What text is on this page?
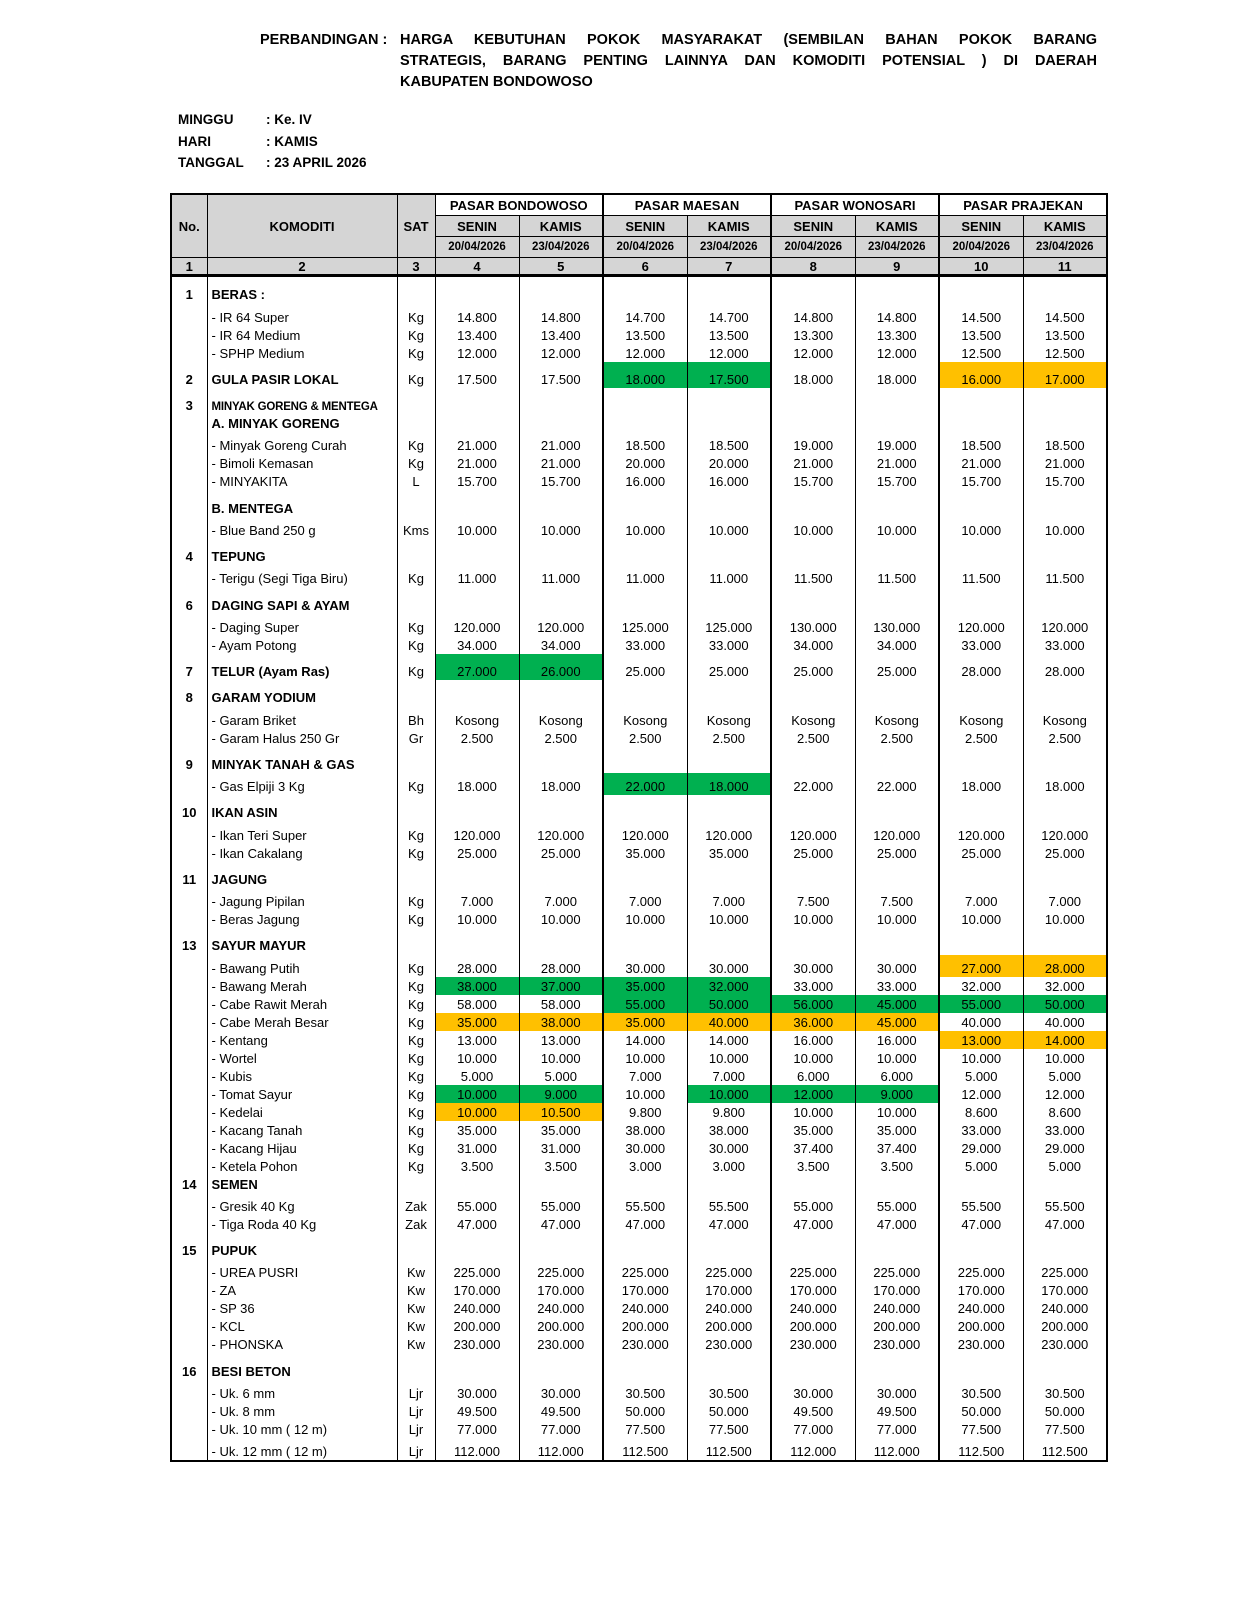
PERBANDINGAN : HARGA KEBUTUHAN POKOK MASYARAKAT (SEMBILAN BAHAN POKOK BARANG
STRATEGIS, BARANG PENTING LAINNYA DAN KOMODITI POTENSIAL ) DI DAERAH
KABUPATEN BONDOWOSO
MINGGU	: Ke. IV
HARI	: KAMIS
TANGGAL	: 23 APRIL 2026
No.	KOMODITI	SAT	PASAR BONDOWOSO		PASAR MAESAN		PASAR WONOSARI		PASAR PRAJEKAN	
			SENIN	KAMIS	SENIN	KAMIS	SENIN	KAMIS	SENIN	KAMIS
			20/04/2026	23/04/2026	20/04/2026	23/04/2026	20/04/2026	23/04/2026	20/04/2026	23/04/2026
1	2	3	4	5	6	7	8	9	10	11
1	BERAS :									
	- IR 64 Super	Kg	14.800	14.800	14.700	14.700	14.800	14.800	14.500	14.500
	- IR 64 Medium	Kg	13.400	13.400	13.500	13.500	13.300	13.300	13.500	13.500
	- SPHP Medium	Kg	12.000	12.000	12.000	12.000	12.000	12.000	12.500	12.500
2	GULA PASIR LOKAL	Kg	17.500	17.500	18.000	17.500	18.000	18.000	16.000	17.000
3	MINYAK GORENG & MENTEGA									
	A. MINYAK GORENG									
	- Minyak Goreng Curah	Kg	21.000	21.000	18.500	18.500	19.000	19.000	18.500	18.500
	- Bimoli Kemasan	Kg	21.000	21.000	20.000	20.000	21.000	21.000	21.000	21.000
	- MINYAKITA	L	15.700	15.700	16.000	16.000	15.700	15.700	15.700	15.700
	B. MENTEGA									
	- Blue Band 250 g	Kms	10.000	10.000	10.000	10.000	10.000	10.000	10.000	10.000
4	TEPUNG									
	- Terigu (Segi Tiga Biru)	Kg	11.000	11.000	11.000	11.000	11.500	11.500	11.500	11.500
6	DAGING SAPI & AYAM									
	- Daging Super	Kg	120.000	120.000	125.000	125.000	130.000	130.000	120.000	120.000
	- Ayam Potong	Kg	34.000	34.000	33.000	33.000	34.000	34.000	33.000	33.000
7	TELUR (Ayam Ras)	Kg	27.000	26.000	25.000	25.000	25.000	25.000	28.000	28.000
8	GARAM YODIUM									
	- Garam Briket	Bh	Kosong	Kosong	Kosong	Kosong	Kosong	Kosong	Kosong	Kosong
	- Garam Halus 250 Gr	Gr	2.500	2.500	2.500	2.500	2.500	2.500	2.500	2.500
9	MINYAK TANAH & GAS									
	- Gas Elpiji 3 Kg	Kg	18.000	18.000	22.000	18.000	22.000	22.000	18.000	18.000
10	IKAN ASIN									
	- Ikan Teri Super	Kg	120.000	120.000	120.000	120.000	120.000	120.000	120.000	120.000
	- Ikan Cakalang	Kg	25.000	25.000	35.000	35.000	25.000	25.000	25.000	25.000
11	JAGUNG									
	- Jagung Pipilan	Kg	7.000	7.000	7.000	7.000	7.500	7.500	7.000	7.000
	- Beras Jagung	Kg	10.000	10.000	10.000	10.000	10.000	10.000	10.000	10.000
13	SAYUR MAYUR									
	- Bawang Putih	Kg	28.000	28.000	30.000	30.000	30.000	30.000	27.000	28.000
	- Bawang Merah	Kg	38.000	37.000	35.000	32.000	33.000	33.000	32.000	32.000
	- Cabe Rawit Merah	Kg	58.000	58.000	55.000	50.000	56.000	45.000	55.000	50.000
	- Cabe Merah Besar	Kg	35.000	38.000	35.000	40.000	36.000	45.000	40.000	40.000
	- Kentang	Kg	13.000	13.000	14.000	14.000	16.000	16.000	13.000	14.000
	- Wortel	Kg	10.000	10.000	10.000	10.000	10.000	10.000	10.000	10.000
	- Kubis	Kg	5.000	5.000	7.000	7.000	6.000	6.000	5.000	5.000
	- Tomat Sayur	Kg	10.000	9.000	10.000	10.000	12.000	9.000	12.000	12.000
	- Kedelai	Kg	10.000	10.500	9.800	9.800	10.000	10.000	8.600	8.600
	- Kacang Tanah	Kg	35.000	35.000	38.000	38.000	35.000	35.000	33.000	33.000
	- Kacang Hijau	Kg	31.000	31.000	30.000	30.000	37.400	37.400	29.000	29.000
	- Ketela Pohon	Kg	3.500	3.500	3.000	3.000	3.500	3.500	5.000	5.000
14	SEMEN									
	- Gresik 40 Kg	Zak	55.000	55.000	55.500	55.500	55.000	55.000	55.500	55.500
	- Tiga Roda 40 Kg	Zak	47.000	47.000	47.000	47.000	47.000	47.000	47.000	47.000
15	PUPUK									
	- UREA PUSRI	Kw	225.000	225.000	225.000	225.000	225.000	225.000	225.000	225.000
	- ZA	Kw	170.000	170.000	170.000	170.000	170.000	170.000	170.000	170.000
	- SP 36	Kw	240.000	240.000	240.000	240.000	240.000	240.000	240.000	240.000
	- KCL	Kw	200.000	200.000	200.000	200.000	200.000	200.000	200.000	200.000
	- PHONSKA	Kw	230.000	230.000	230.000	230.000	230.000	230.000	230.000	230.000
16	BESI BETON									
	- Uk. 6 mm	Ljr	30.000	30.000	30.500	30.500	30.000	30.000	30.500	30.500
	- Uk. 8 mm	Ljr	49.500	49.500	50.000	50.000	49.500	49.500	50.000	50.000
	- Uk. 10 mm ( 12 m)	Ljr	77.000	77.000	77.500	77.500	77.000	77.000	77.500	77.500
	- Uk. 12 mm ( 12 m)	Ljr	112.000	112.000	112.500	112.500	112.000	112.000	112.500	112.500
